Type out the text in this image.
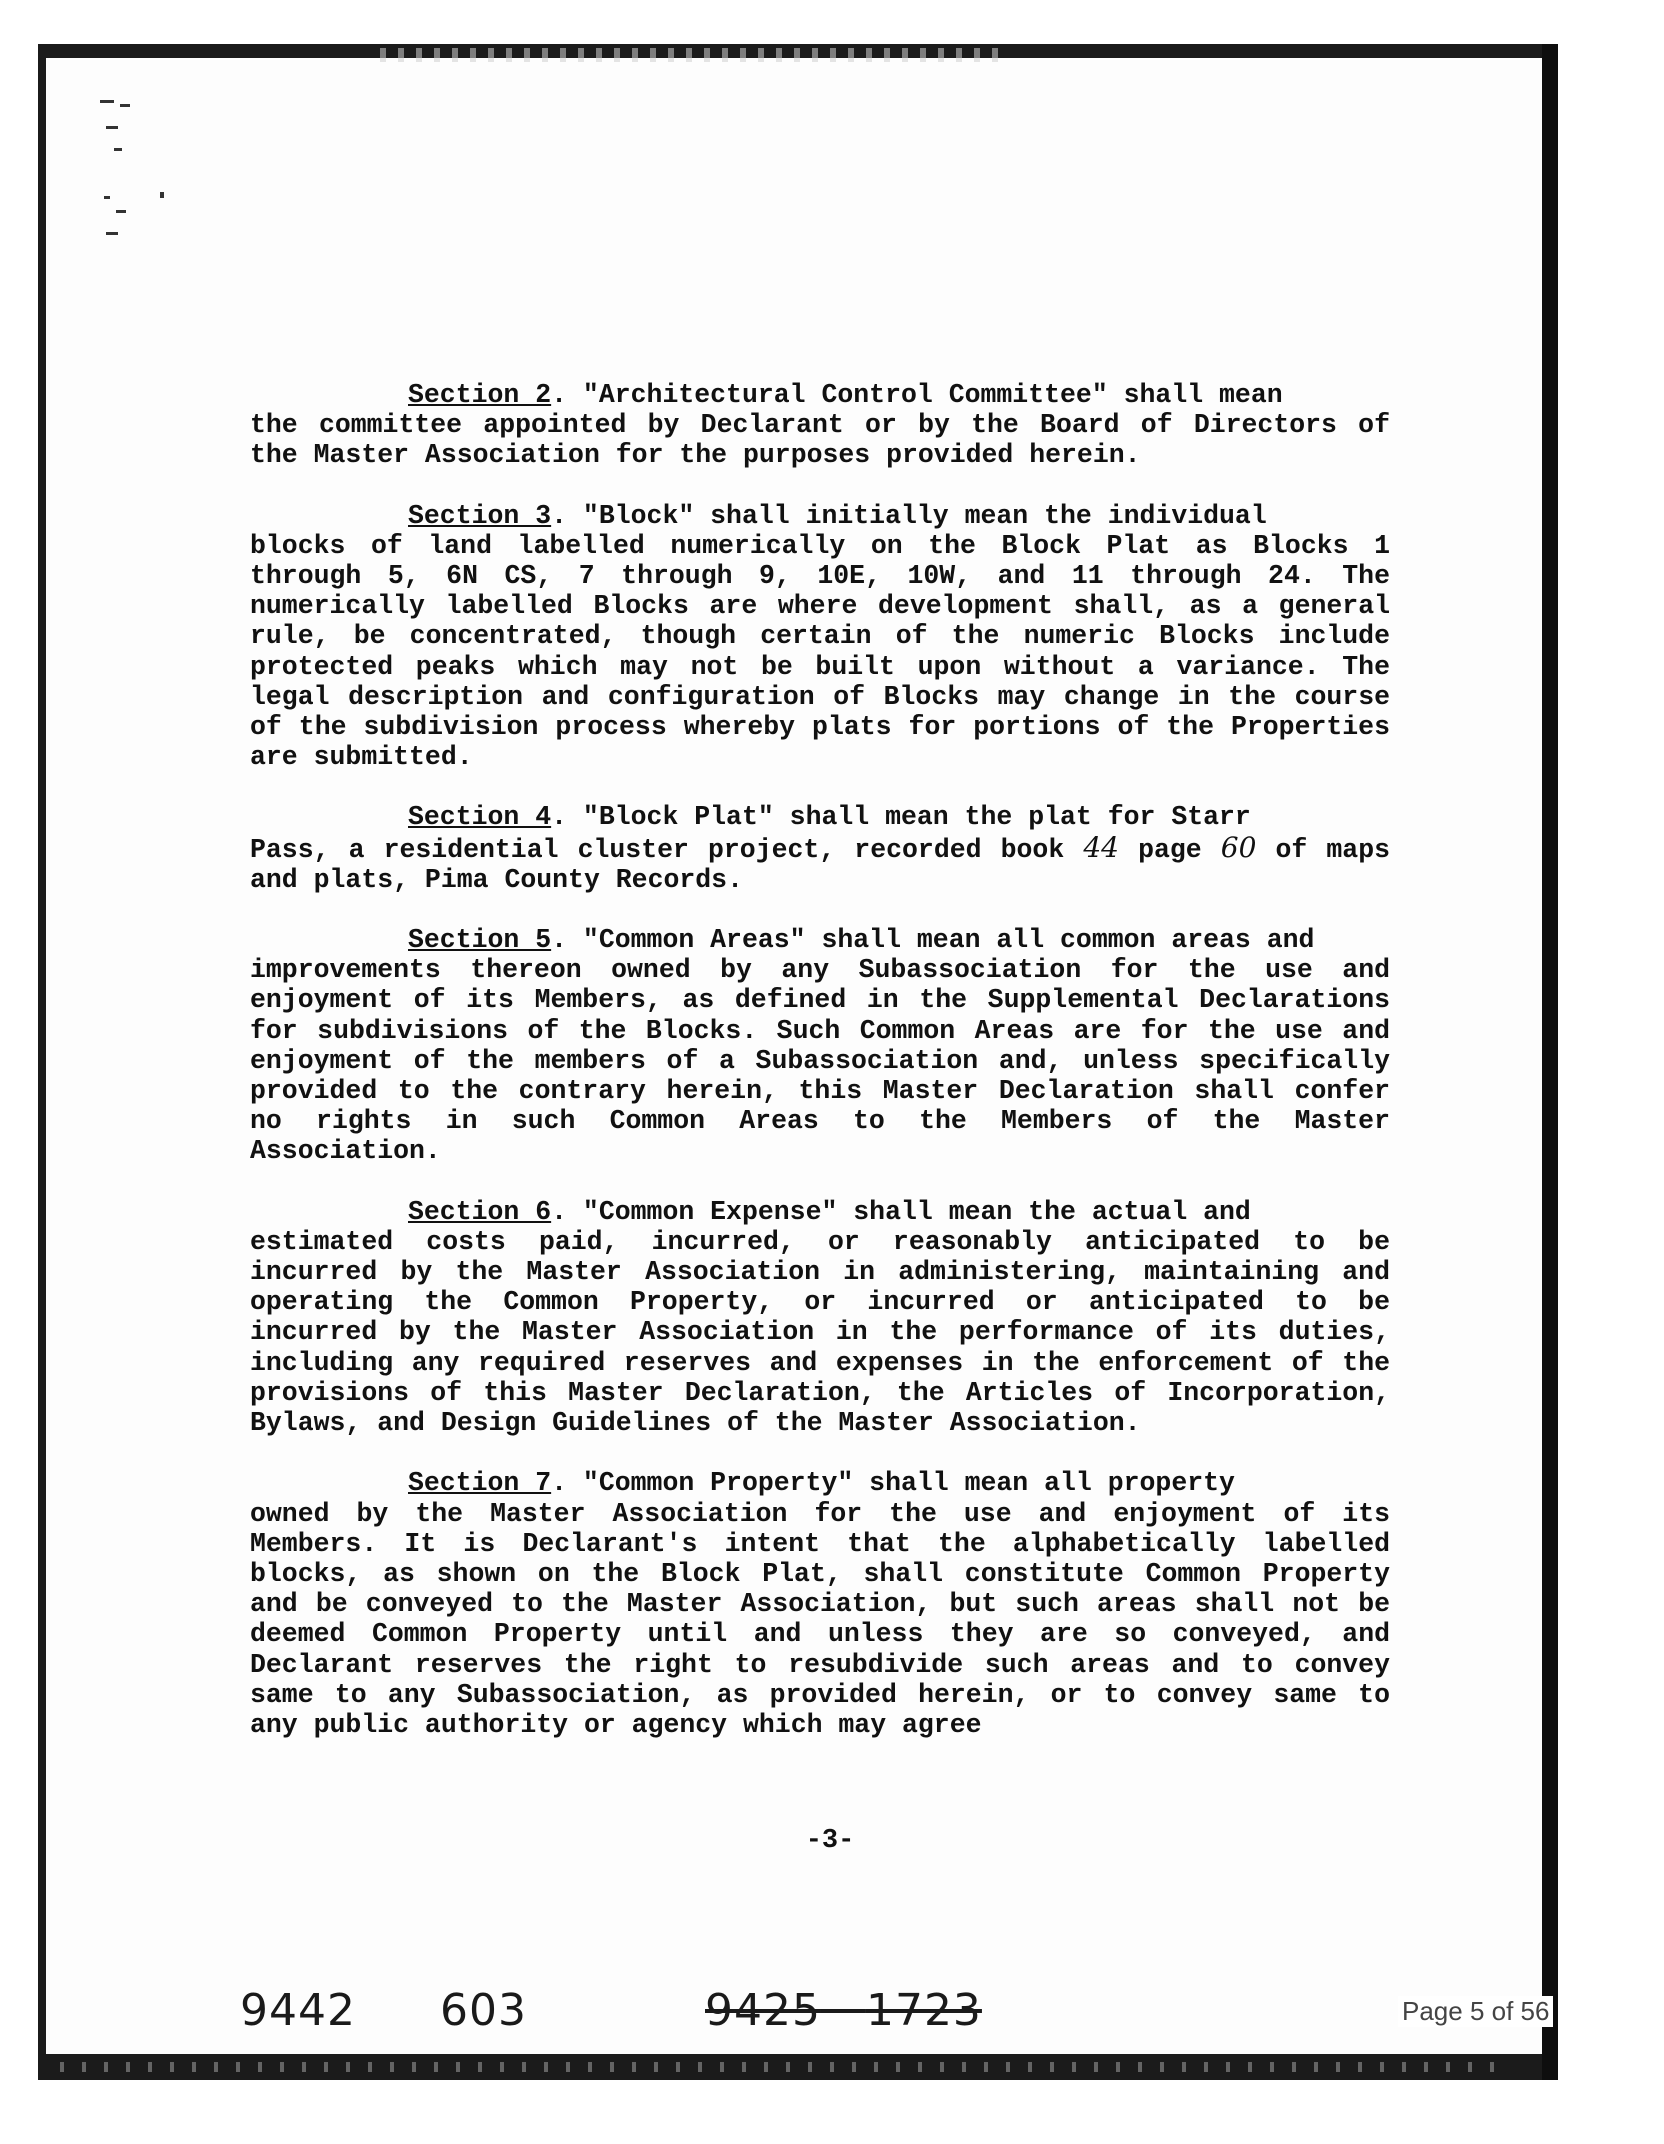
Section 2. "Architectural Control Committee" shall mean
the committee appointed by Declarant or by the Board of Directors of the Master Association for the purposes provided herein.
Section 3. "Block" shall initially mean the individual
blocks of land labelled numerically on the Block Plat as Blocks 1 through 5, 6N CS, 7 through 9, 10E, 10W, and 11 through 24. The numerically labelled Blocks are where development shall, as a general rule, be concentrated, though certain of the numeric Blocks include protected peaks which may not be built upon without a variance. The legal description and configuration of Blocks may change in the course of the subdivision process whereby plats for portions of the Properties are submitted.
Section 4. "Block Plat" shall mean the plat for Starr
Pass, a residential cluster project, recorded book 44 page 60 of maps and plats, Pima County Records.
Section 5. "Common Areas" shall mean all common areas and
improvements thereon owned by any Subassociation for the use and enjoyment of its Members, as defined in the Supplemental Declarations for subdivisions of the Blocks. Such Common Areas are for the use and enjoyment of the members of a Subassociation and, unless specifically provided to the contrary herein, this Master Declaration shall confer no rights in such Common Areas to the Members of the Master Association.
Section 6. "Common Expense" shall mean the actual and
estimated costs paid, incurred, or reasonably anticipated to be incurred by the Master Association in administering, maintaining and operating the Common Property, or incurred or anticipated to be incurred by the Master Association in the performance of its duties, including any required reserves and expenses in the enforcement of the provisions of this Master Declaration, the Articles of Incorporation, Bylaws, and Design Guidelines of the Master Association.
Section 7. "Common Property" shall mean all property
owned by the Master Association for the use and enjoyment of its Members. It is Declarant's intent that the alphabetically labelled blocks, as shown on the Block Plat, shall constitute Common Property and be conveyed to the Master Association, but such areas shall not be deemed Common Property until and unless they are so conveyed, and Declarant reserves the right to resubdivide such areas and to convey same to any Subassociation, as provided herein, or to convey same to any public authority or agency which may agree
-3-
9442 603	9425 1723	Page 5 of 56
